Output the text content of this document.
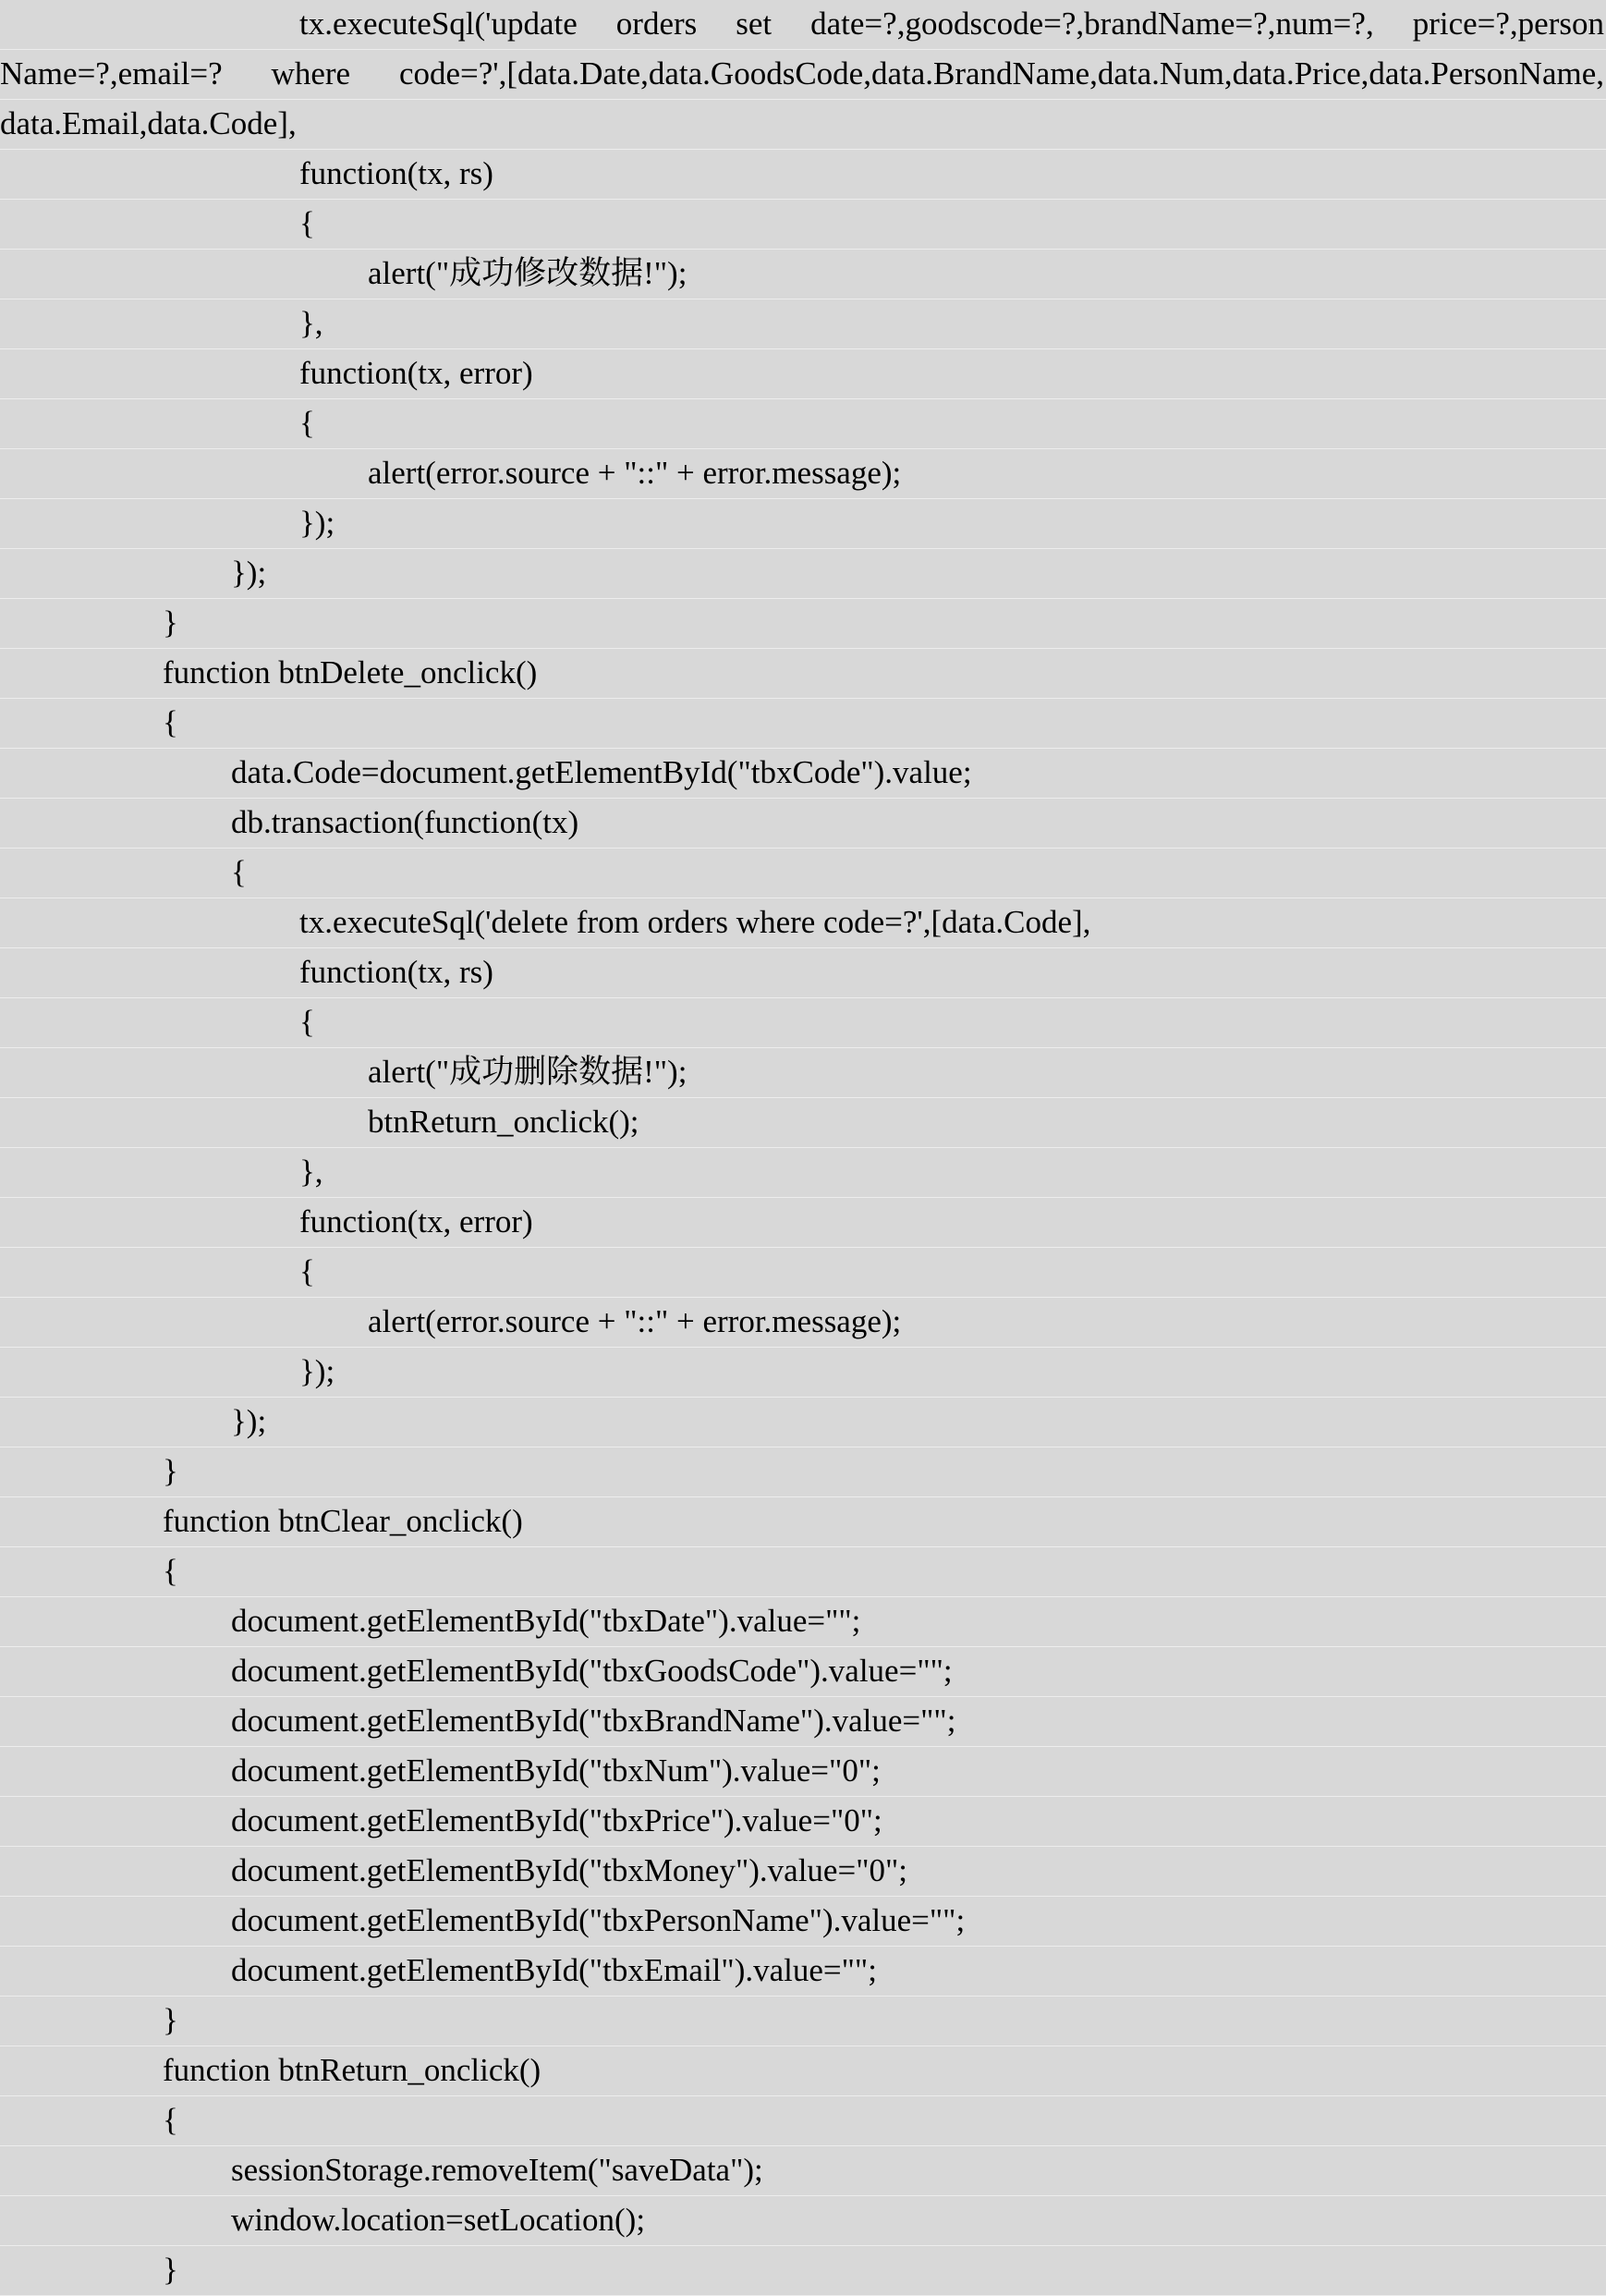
tx.executeSql('update orders set date=?,goodscode=?,brandName=?,num=?, price=?,person
Name=?,email=? where code=?',[data.Date,data.GoodsCode,data.BrandName,data.Num,data.Price,data.PersonName,
data.Email,data.Code],
function(tx, rs)
{
alert("成功修改数据!");
},
function(tx, error)
{
alert(error.source + "::" + error.message);
});
});
}
function btnDelete_onclick()
{
data.Code=document.getElementById("tbxCode").value;
db.transaction(function(tx)
{
tx.executeSql('delete from orders where code=?',[data.Code],
function(tx, rs)
{
alert("成功删除数据!");
btnReturn_onclick();
},
function(tx, error)
{
alert(error.source + "::" + error.message);
});
});
}
function btnClear_onclick()
{
document.getElementById("tbxDate").value="";
document.getElementById("tbxGoodsCode").value="";
document.getElementById("tbxBrandName").value="";
document.getElementById("tbxNum").value="0";
document.getElementById("tbxPrice").value="0";
document.getElementById("tbxMoney").value="0";
document.getElementById("tbxPersonName").value="";
document.getElementById("tbxEmail").value="";
}
function btnReturn_onclick()
{
sessionStorage.removeItem("saveData");
window.location=setLocation();
}
